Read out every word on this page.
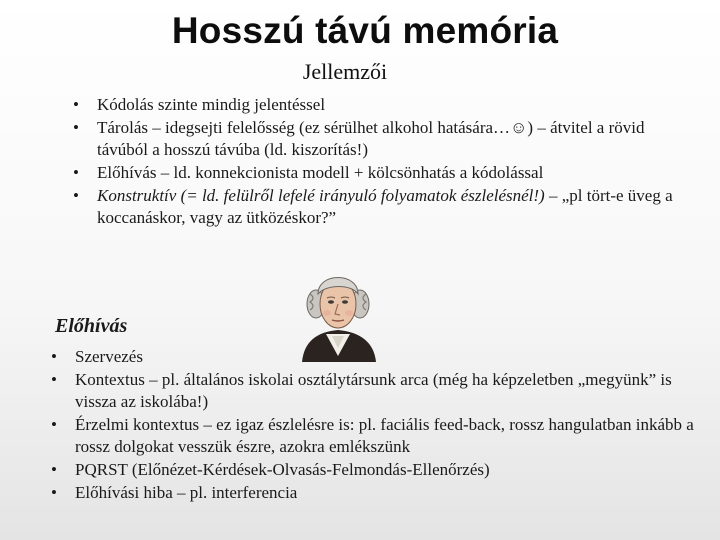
Hosszú távú memória
Jellemzői
• Kódolás szinte mindig jelentéssel
• Tárolás – idegsejti felelősség (ez sérülhet alkohol hatására…☺) – átvitel a rövid távúból a hosszú távúba (ld. kiszorítás!)
• Előhívás – ld. konnekcionista modell + kölcsönhatás a kódolással
• Konstruktív (= ld. felülről lefelé irányuló folyamatok észlelésnél!) – „pl tört-e üveg a koccanáskor, vagy az ütközéskor?”
Előhívás
• Szervezés
• Kontextus – pl. általános iskolai osztálytársunk arca (még ha képzeletben „megyünk” is vissza az iskolába!)
• Érzelmi kontextus – ez igaz észlelésre is: pl. faciális feed-back, rossz hangulatban inkább a rossz dolgokat vesszük észre, azokra emlékszünk
• PQRST (Előnézet-Kérdések-Olvasás-Felmondás-Ellenőrzés)
• Előhívási hiba – pl. interferencia
